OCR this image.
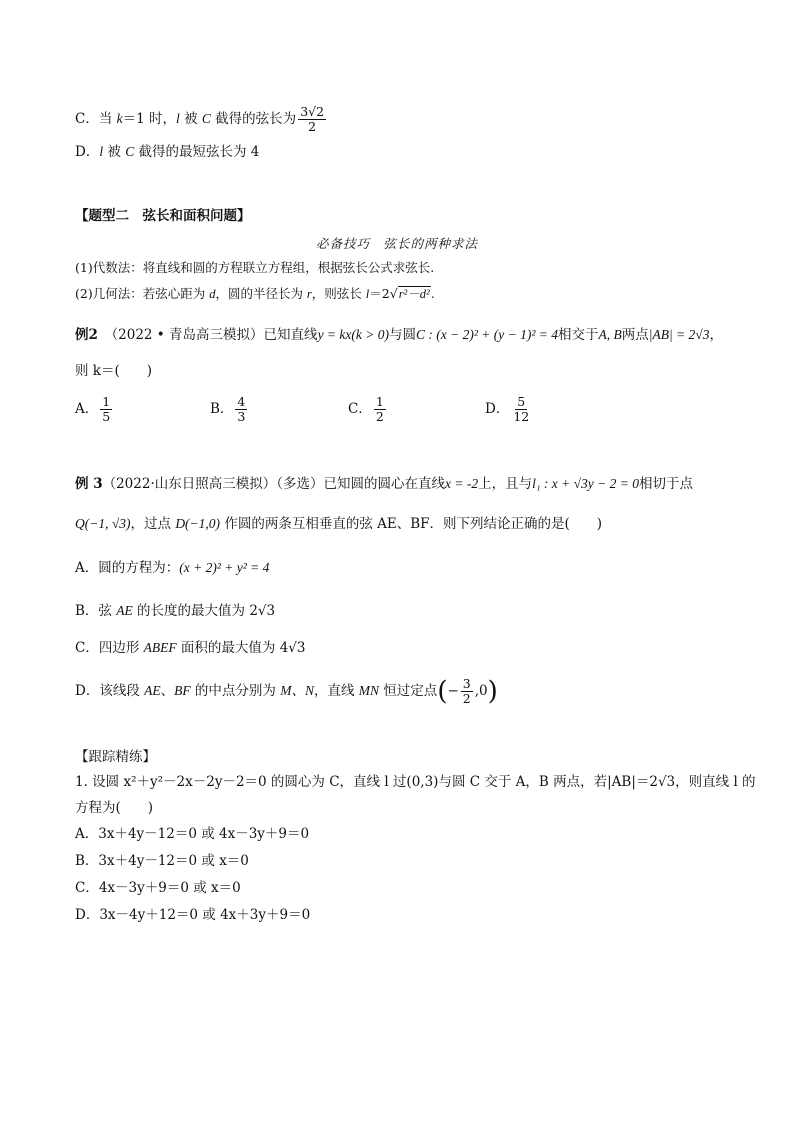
C．当 k＝1 时，l 被 C 截得的弦长为 $\frac{3√2}{2}$
D．l 被 C 截得的最短弦长为 4
【题型二　弦长和面积问题】
必备技巧　弦长的两种求法
(1)代数法：将直线和圆的方程联立方程组，根据弦长公式求弦长.
(2)几何法：若弦心距为 d，圆的半径长为 r，则弦长 l＝2√r²－d².
例2　 （2022 • 青岛高三模拟）已知直线y = kx(k > 0)与圆C : (x − 2)² + (y − 1)² = 4相交于A, B两点|AB| = 2√3，
则 k＝(　　)
A． $\frac{1}{5}$	B． $\frac{4}{3}$	C． $\frac{1}{2}$	D． $\frac{5}{12}$
例 3（2022·山东日照高三模拟）（多选）已知圆的圆心在直线x = -2上，且与l₁ : x + √3y − 2 = 0相切于点
Q(−1, √3)，过点 D(−1,0) 作圆的两条互相垂直的弦 AE、BF．则下列结论正确的是(　　)
A．圆的方程为：(x + 2)² + y² = 4
B．弦 AE 的长度的最大值为 2√3
C．四边形 ABEF 面积的最大值为 4√3
D．该线段 AE、BF 的中点分别为 M、N，直线 MN 恒过定点(− $\frac{3}{2} ,0$)
【跟踪精练】
1. 设圆 x²＋y²－2x－2y－2＝0 的圆心为 C，直线 l 过(0,3)与圆 C 交于 A，B 两点，若|AB|＝2√3，则直线 l 的
方程为(　　)
A．3x＋4y－12＝0 或 4x－3y＋9＝0
B．3x＋4y－12＝0 或 x＝0
C．4x－3y＋9＝0 或 x＝0
D．3x－4y＋12＝0 或 4x＋3y＋9＝0
